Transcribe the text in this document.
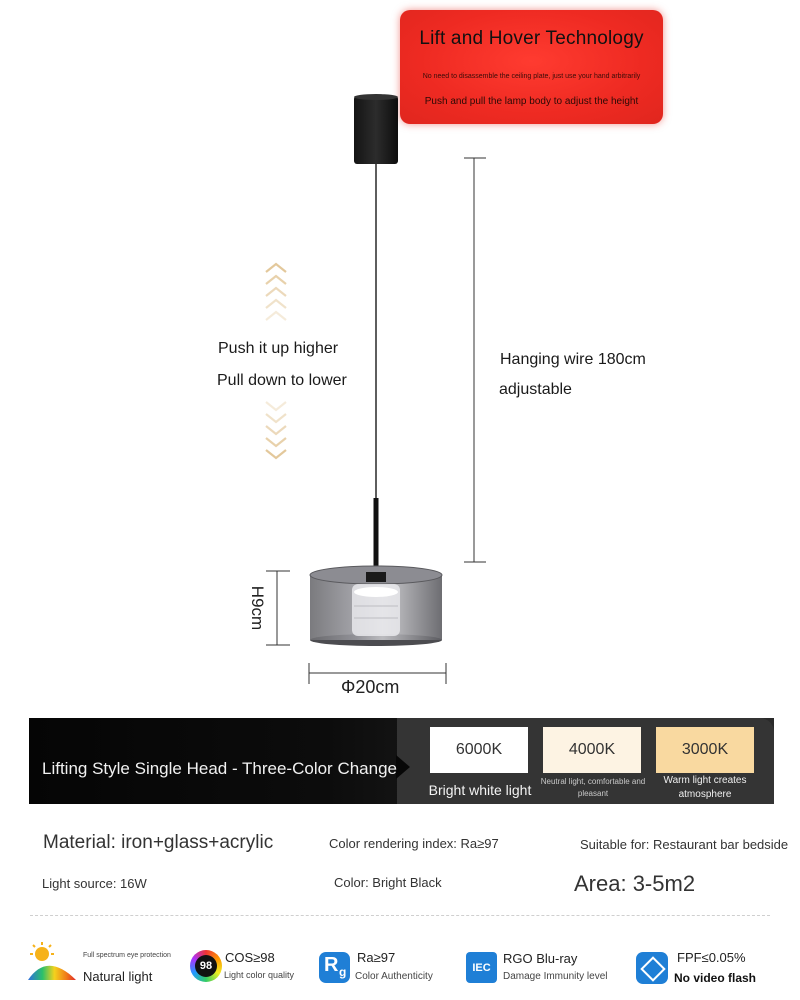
Lift and Hover Technology
No need to disassemble the ceiling plate, just use your hand arbitrarily
Push and pull the lamp body to adjust the height
Push it up higher
Pull down to lower
Hanging wire 180cm
adjustable
H9cm
Φ20cm
Lifting Style Single Head - Three-Color Change
6000K
Bright white light
4000K
Neutral light, comfortable and pleasant
3000K
Warm light creates atmosphere
Material: iron+glass+acrylic	Color rendering index: Ra≥97	Suitable for: Restaurant bar bedside
Light source: 16W	Color: Bright Black	Area: 3-5m2
Full spectrum eye protection
Natural light
98
COS≥98
Light color quality R g
Ra≥97
Color Authenticity
IEC
RGO Blu-ray
Damage Immunity level
FPF≤0.05%
No video flash
